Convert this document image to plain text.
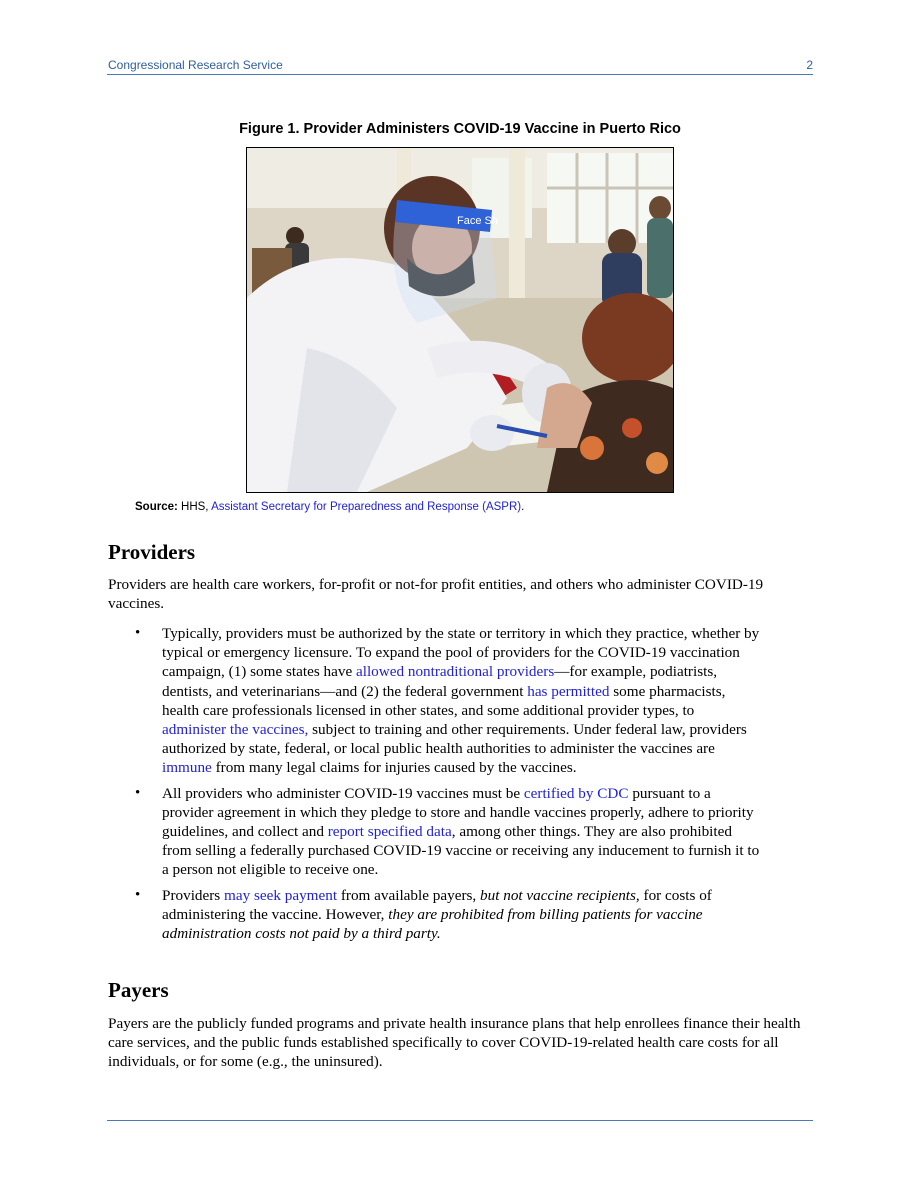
Congressional Research Service	2
Figure 1. Provider Administers COVID-19 Vaccine in Puerto Rico
Face Sh
Source: HHS, Assistant Secretary for Preparedness and Response (ASPR).
Providers

Providers are health care workers, for-profit or not-for profit entities, and others who administer COVID-19 vaccines.

• Typically, providers must be authorized by the state or territory in which they practice, whether by typical or emergency licensure. To expand the pool of providers for the COVID-19 vaccination campaign, (1) some states have allowed nontraditional providers—for example, podiatrists, dentists, and veterinarians—and (2) the federal government has permitted some pharmacists, health care professionals licensed in other states, and some additional provider types, to administer the vaccines, subject to training and other requirements. Under federal law, providers authorized by state, federal, or local public health authorities to administer the vaccines are immune from many legal claims for injuries caused by the vaccines.
• All providers who administer COVID-19 vaccines must be certified by CDC pursuant to a provider agreement in which they pledge to store and handle vaccines properly, adhere to priority guidelines, and collect and report specified data, among other things. They are also prohibited from selling a federally purchased COVID-19 vaccine or receiving any inducement to furnish it to a person not eligible to receive one.
• Providers may seek payment from available payers, but not vaccine recipients, for costs of administering the vaccine. However, they are prohibited from billing patients for vaccine administration costs not paid by a third party.
Payers

Payers are the publicly funded programs and private health insurance plans that help enrollees finance their health care services, and the public funds established specifically to cover COVID-19-related health care costs for all individuals, or for some (e.g., the uninsured).
